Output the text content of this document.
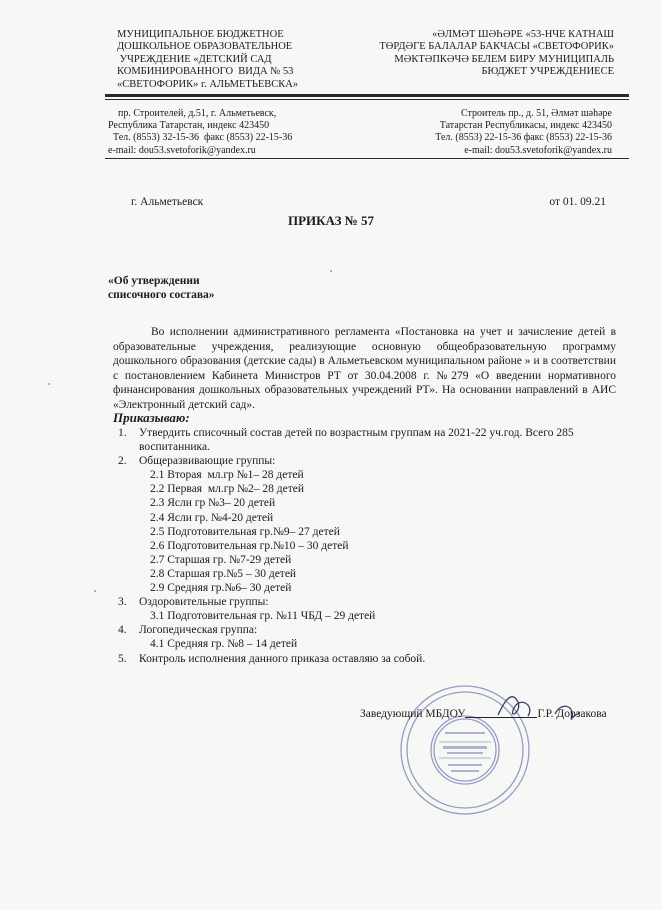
МУНИЦИПАЛЬНОЕ БЮДЖЕТНОЕ
ДОШКОЛЬНОЕ ОБРАЗОВАТЕЛЬНОЕ
УЧРЕЖДЕНИЕ «ДЕТСКИЙ САД
КОМБИНИРОВАННОГО  ВИДА № 53
«СВЕТОФОРИК» г. АЛЬМЕТЬЕВСКА»
«ӘЛМӘТ ШӘҺӘРЕ «53-НЧЕ КАТНАШ
ТӨРДӘГЕ БАЛАЛАР БАКЧАСЫ «СВЕТОФОРИК»
МӘКТӘПКӘЧӘ БЕЛЕМ БИРУ МУНИЦИПАЛЬ
БЮДЖЕТ УЧРЕЖДЕНИЕСЕ
пр. Строителей, д.51, г. Альметьевск,
Республика Татарстан, индекс 423450
Тел. (8553) 32-15-36  факс (8553) 22-15-36
e-mail: dou53.svetoforik@yandex.ru
Строитель пр., д. 51, Әлмәт шәһәре
Татарстан Республикасы, индекс 423450
Тел. (8553) 22-15-36 факс (8553) 22-15-36
e-mail: dou53.svetoforik@yandex.ru
г. Альметьевск	от 01. 09.21
ПРИКАЗ № 57
«Об утверждении
списочного состава»

Во исполнении административного регламента «Постановка на учет и зачисление детей в образовательные учреждения, реализующие основную общеобразовательную программу дошкольного образования (детские сады) в Альметьевском муниципальном районе » и в соответствии с постановлением Кабинета Министров РТ от 30.04.2008 г. №279 «О введении нормативного финансирования дошкольных образовательных учреждений РТ». На основании направлений в АИС «Электронный детский сад».

Приказываю:
1.	Утвердить списочный состав детей по возрастным группам на 2021-22 уч.год. Всего 285 воспитанника.
2.	Общеразвивающие группы:
2.1 Вторая  мл.гр №1– 28 детей
2.2 Первая  мл.гр №2– 28 детей
2.3 Ясли гр №3– 20 детей
2.4 Ясли гр. №4-20 детей
2.5 Подготовительная гр.№9– 27 детей
2.6 Подготовительная гр.№10 – 30 детей
2.7 Старшая гр. №7-29 детей
2.8 Старшая гр.№5 – 30 детей
2.9 Средняя гр.№6– 30 детей
3.	Оздоровительные группы:
3.1 Подготовительная гр. №11 ЧБД – 29 детей
4.	Логопедическая группа:
4.1 Средняя гр. №8 – 14 детей
5.	Контроль исполнения данного приказа оставляю за собой.
Заведующий МБДОУ	Г.Р. Дорзакова
